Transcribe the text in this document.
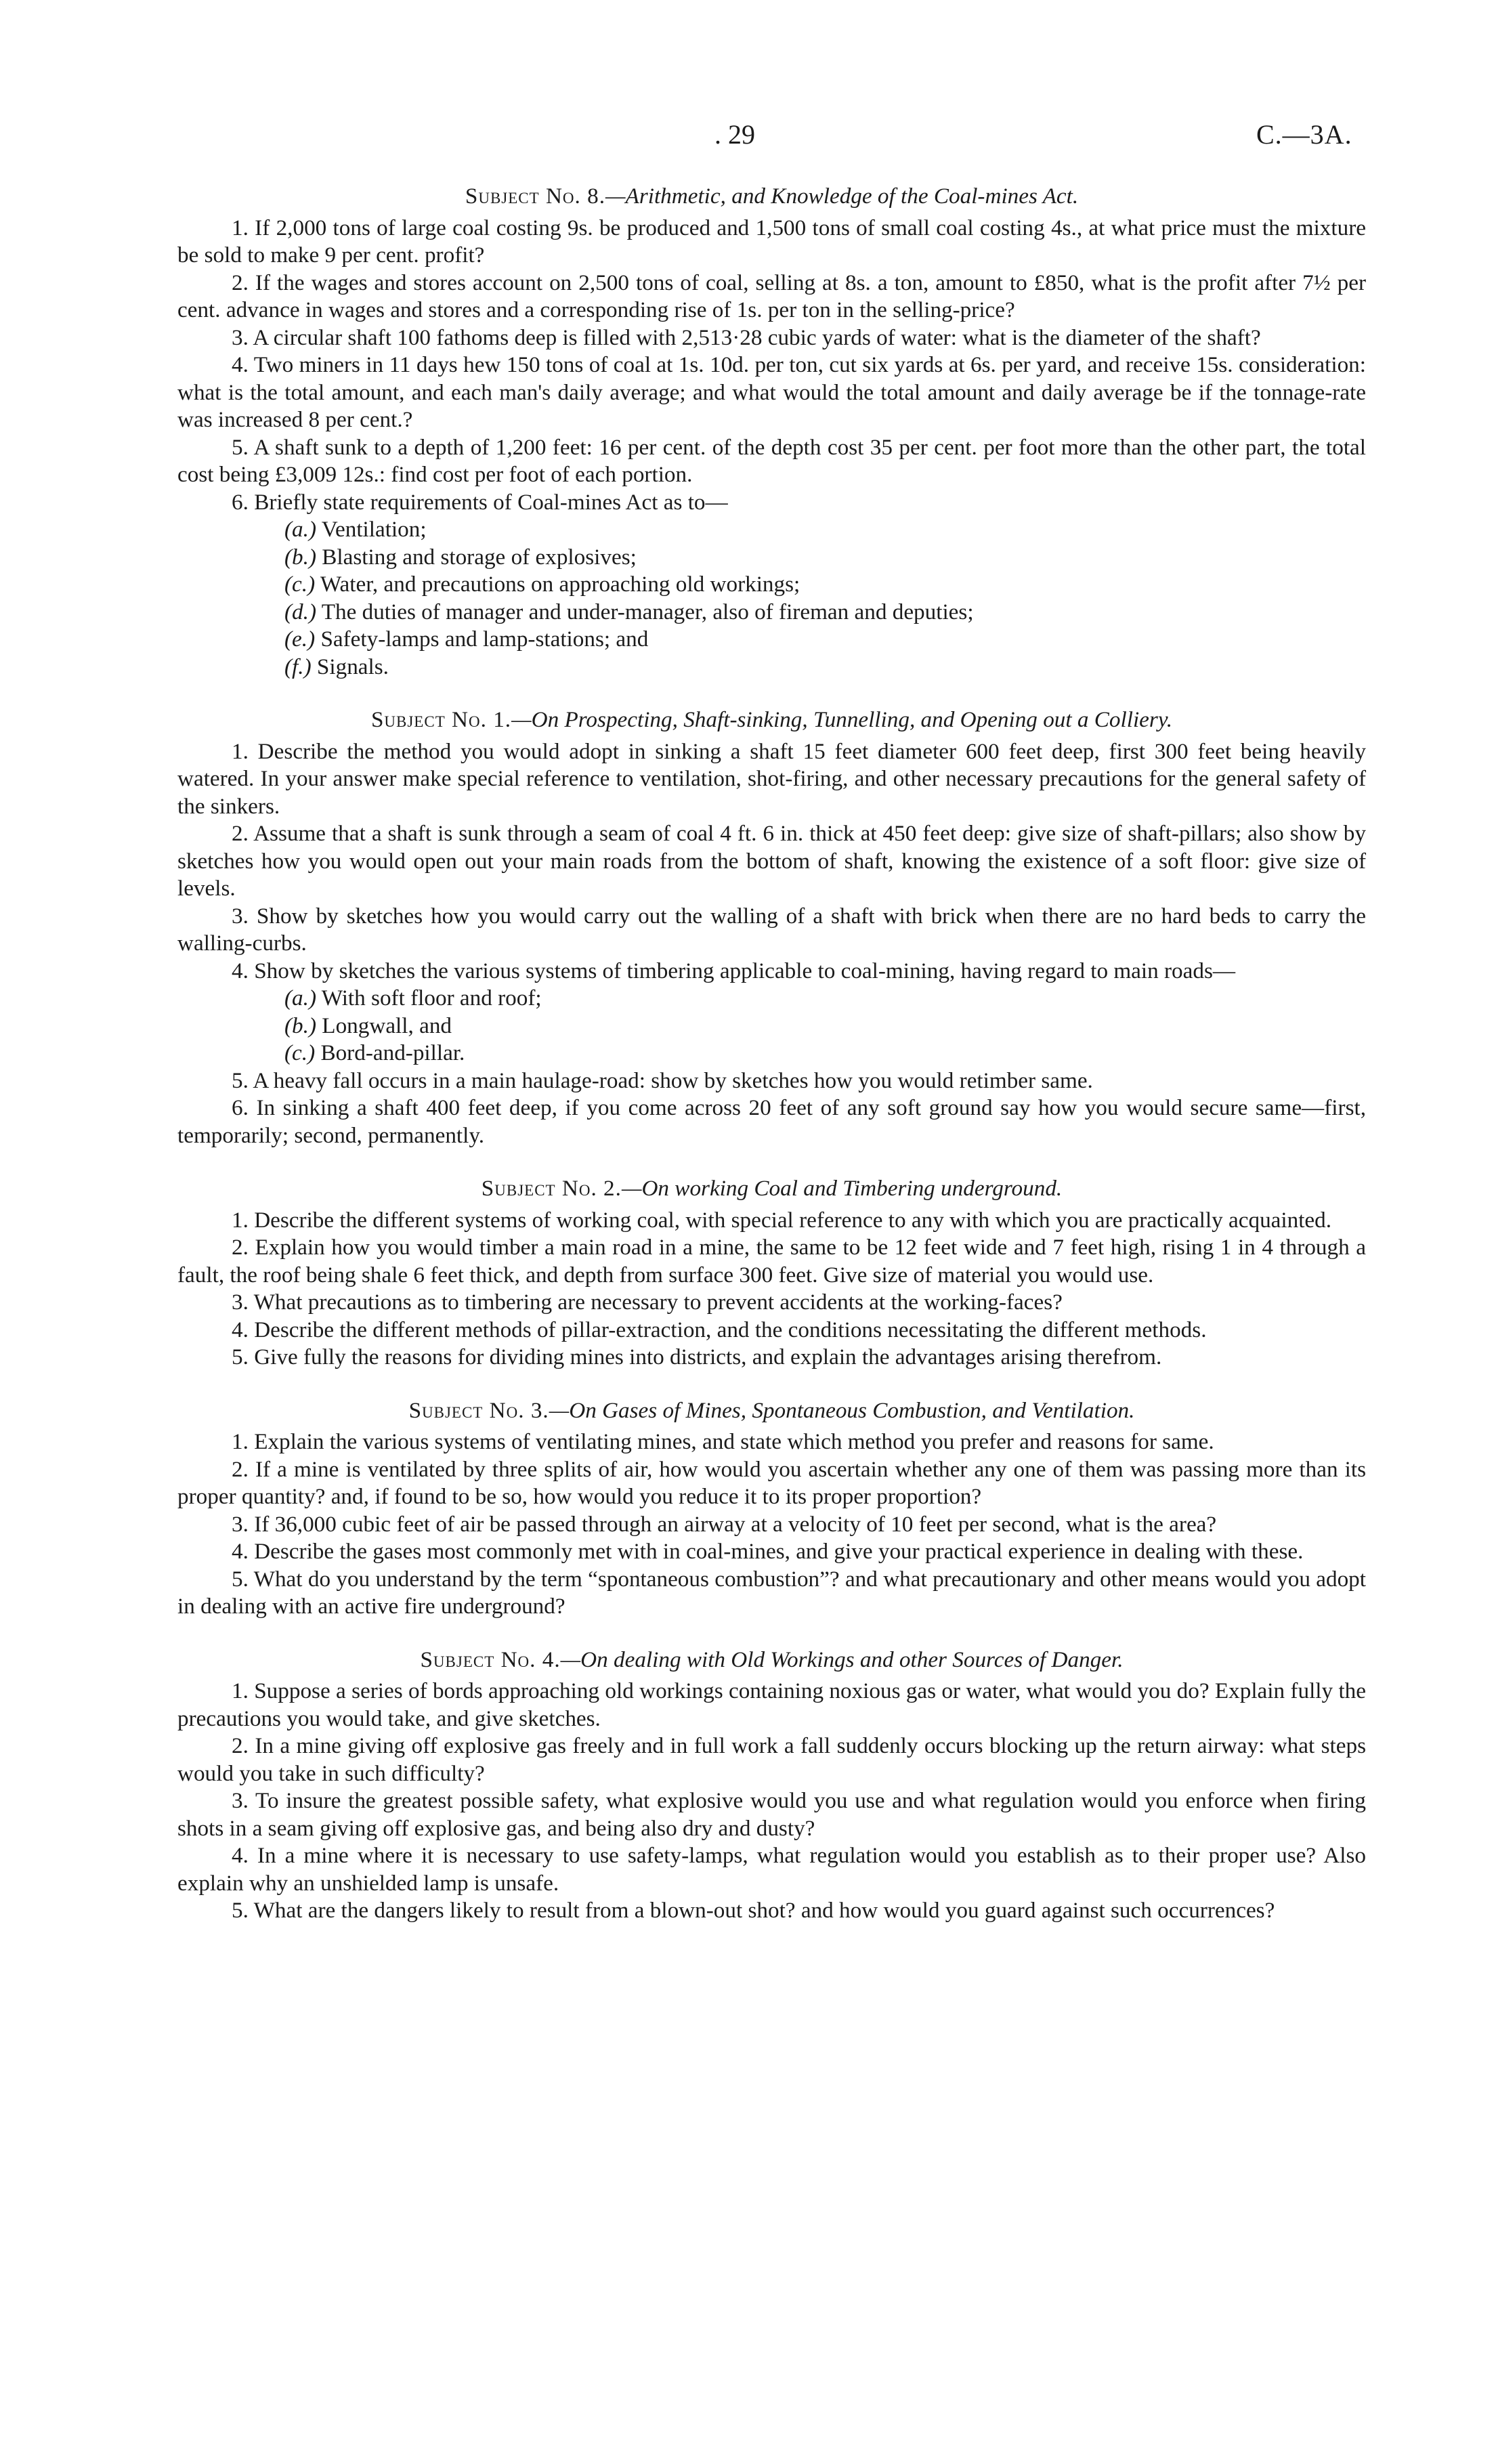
. 29	C.—3A.

Subject No. 8.—Arithmetic, and Knowledge of the Coal-mines Act.

1. If 2,000 tons of large coal costing 9s. be produced and 1,500 tons of small coal costing 4s., at what price must the mixture be sold to make 9 per cent. profit?

2. If the wages and stores account on 2,500 tons of coal, selling at 8s. a ton, amount to £850, what is the profit after 7½ per cent. advance in wages and stores and a corresponding rise of 1s. per ton in the selling-price?

3. A circular shaft 100 fathoms deep is filled with 2,513·28 cubic yards of water: what is the diameter of the shaft?

4. Two miners in 11 days hew 150 tons of coal at 1s. 10d. per ton, cut six yards at 6s. per yard, and receive 15s. consideration: what is the total amount, and each man's daily average; and what would the total amount and daily average be if the tonnage-rate was increased 8 per cent.?

5. A shaft sunk to a depth of 1,200 feet: 16 per cent. of the depth cost 35 per cent. per foot more than the other part, the total cost being £3,009 12s.: find cost per foot of each portion.

6. Briefly state requirements of Coal-mines Act as to—

(a.) Ventilation;

(b.) Blasting and storage of explosives;

(c.) Water, and precautions on approaching old workings;

(d.) The duties of manager and under-manager, also of fireman and deputies;

(e.) Safety-lamps and lamp-stations; and

(f.) Signals.

Subject No. 1.—On Prospecting, Shaft-sinking, Tunnelling, and Opening out a Colliery.

1. Describe the method you would adopt in sinking a shaft 15 feet diameter 600 feet deep, first 300 feet being heavily watered. In your answer make special reference to ventilation, shot-firing, and other necessary precautions for the general safety of the sinkers.

2. Assume that a shaft is sunk through a seam of coal 4 ft. 6 in. thick at 450 feet deep: give size of shaft-pillars; also show by sketches how you would open out your main roads from the bottom of shaft, knowing the existence of a soft floor: give size of levels.

3. Show by sketches how you would carry out the walling of a shaft with brick when there are no hard beds to carry the walling-curbs.

4. Show by sketches the various systems of timbering applicable to coal-mining, having regard to main roads—

(a.) With soft floor and roof;

(b.) Longwall, and

(c.) Bord-and-pillar.

5. A heavy fall occurs in a main haulage-road: show by sketches how you would retimber same.

6. In sinking a shaft 400 feet deep, if you come across 20 feet of any soft ground say how you would secure same—first, temporarily; second, permanently.

Subject No. 2.—On working Coal and Timbering underground.

1. Describe the different systems of working coal, with special reference to any with which you are practically acquainted.

2. Explain how you would timber a main road in a mine, the same to be 12 feet wide and 7 feet high, rising 1 in 4 through a fault, the roof being shale 6 feet thick, and depth from surface 300 feet. Give size of material you would use.

3. What precautions as to timbering are necessary to prevent accidents at the working-faces?

4. Describe the different methods of pillar-extraction, and the conditions necessitating the different methods.

5. Give fully the reasons for dividing mines into districts, and explain the advantages arising therefrom.

Subject No. 3.—On Gases of Mines, Spontaneous Combustion, and Ventilation.

1. Explain the various systems of ventilating mines, and state which method you prefer and reasons for same.

2. If a mine is ventilated by three splits of air, how would you ascertain whether any one of them was passing more than its proper quantity? and, if found to be so, how would you reduce it to its proper proportion?

3. If 36,000 cubic feet of air be passed through an airway at a velocity of 10 feet per second, what is the area?

4. Describe the gases most commonly met with in coal-mines, and give your practical experience in dealing with these.

5. What do you understand by the term “spontaneous combustion”? and what precautionary and other means would you adopt in dealing with an active fire underground?

Subject No. 4.—On dealing with Old Workings and other Sources of Danger.

1. Suppose a series of bords approaching old workings containing noxious gas or water, what would you do? Explain fully the precautions you would take, and give sketches.

2. In a mine giving off explosive gas freely and in full work a fall suddenly occurs blocking up the return airway: what steps would you take in such difficulty?

3. To insure the greatest possible safety, what explosive would you use and what regulation would you enforce when firing shots in a seam giving off explosive gas, and being also dry and dusty?

4. In a mine where it is necessary to use safety-lamps, what regulation would you establish as to their proper use? Also explain why an unshielded lamp is unsafe.

5. What are the dangers likely to result from a blown-out shot? and how would you guard against such occurrences?
